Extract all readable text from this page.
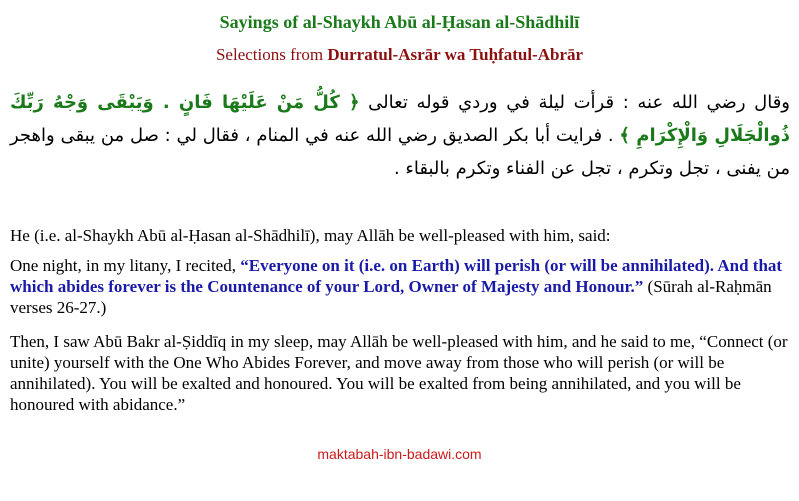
Sayings of al-Shaykh Abū al-Ḥasan al-Shādhilī

Selections from Durratul-Asrār wa Tuḥfatul-Abrār

وقال رضي الله عنه : قرأت ليلة في وردي قوله تعالى ﴿ كُلُّ مَنْ عَلَيْهَا فَانٍ . وَيَبْقَى وَجْهُ رَبِّكَ ذُوالْجَلَالِ وَالْإِكْرَامِ ﴾ . فرايت أبا بكر الصديق رضي الله عنه في المنام ، فقال لي : صل من يبقى واهجر من يفنى ، تجل وتكرم ، تجل عن الفناء وتكرم بالبقاء .

He (i.e. al-Shaykh Abū al-Ḥasan al-Shādhilī), may Allāh be well-pleased with him, said:

One night, in my litany, I recited, “Everyone on it (i.e. on Earth) will perish (or will be annihilated). And that which abides forever is the Countenance of your Lord, Owner of Majesty and Honour.” (Sūrah al-Raḥmān verses 26-27.)

Then, I saw Abū Bakr al-Ṣiddīq in my sleep, may Allāh be well-pleased with him, and he said to me, “Connect (or unite) yourself with the One Who Abides Forever, and move away from those who will perish (or will be annihilated). You will be exalted and honoured. You will be exalted from being annihilated, and you will be honoured with abidance.”

maktabah-ibn-badawi.com
